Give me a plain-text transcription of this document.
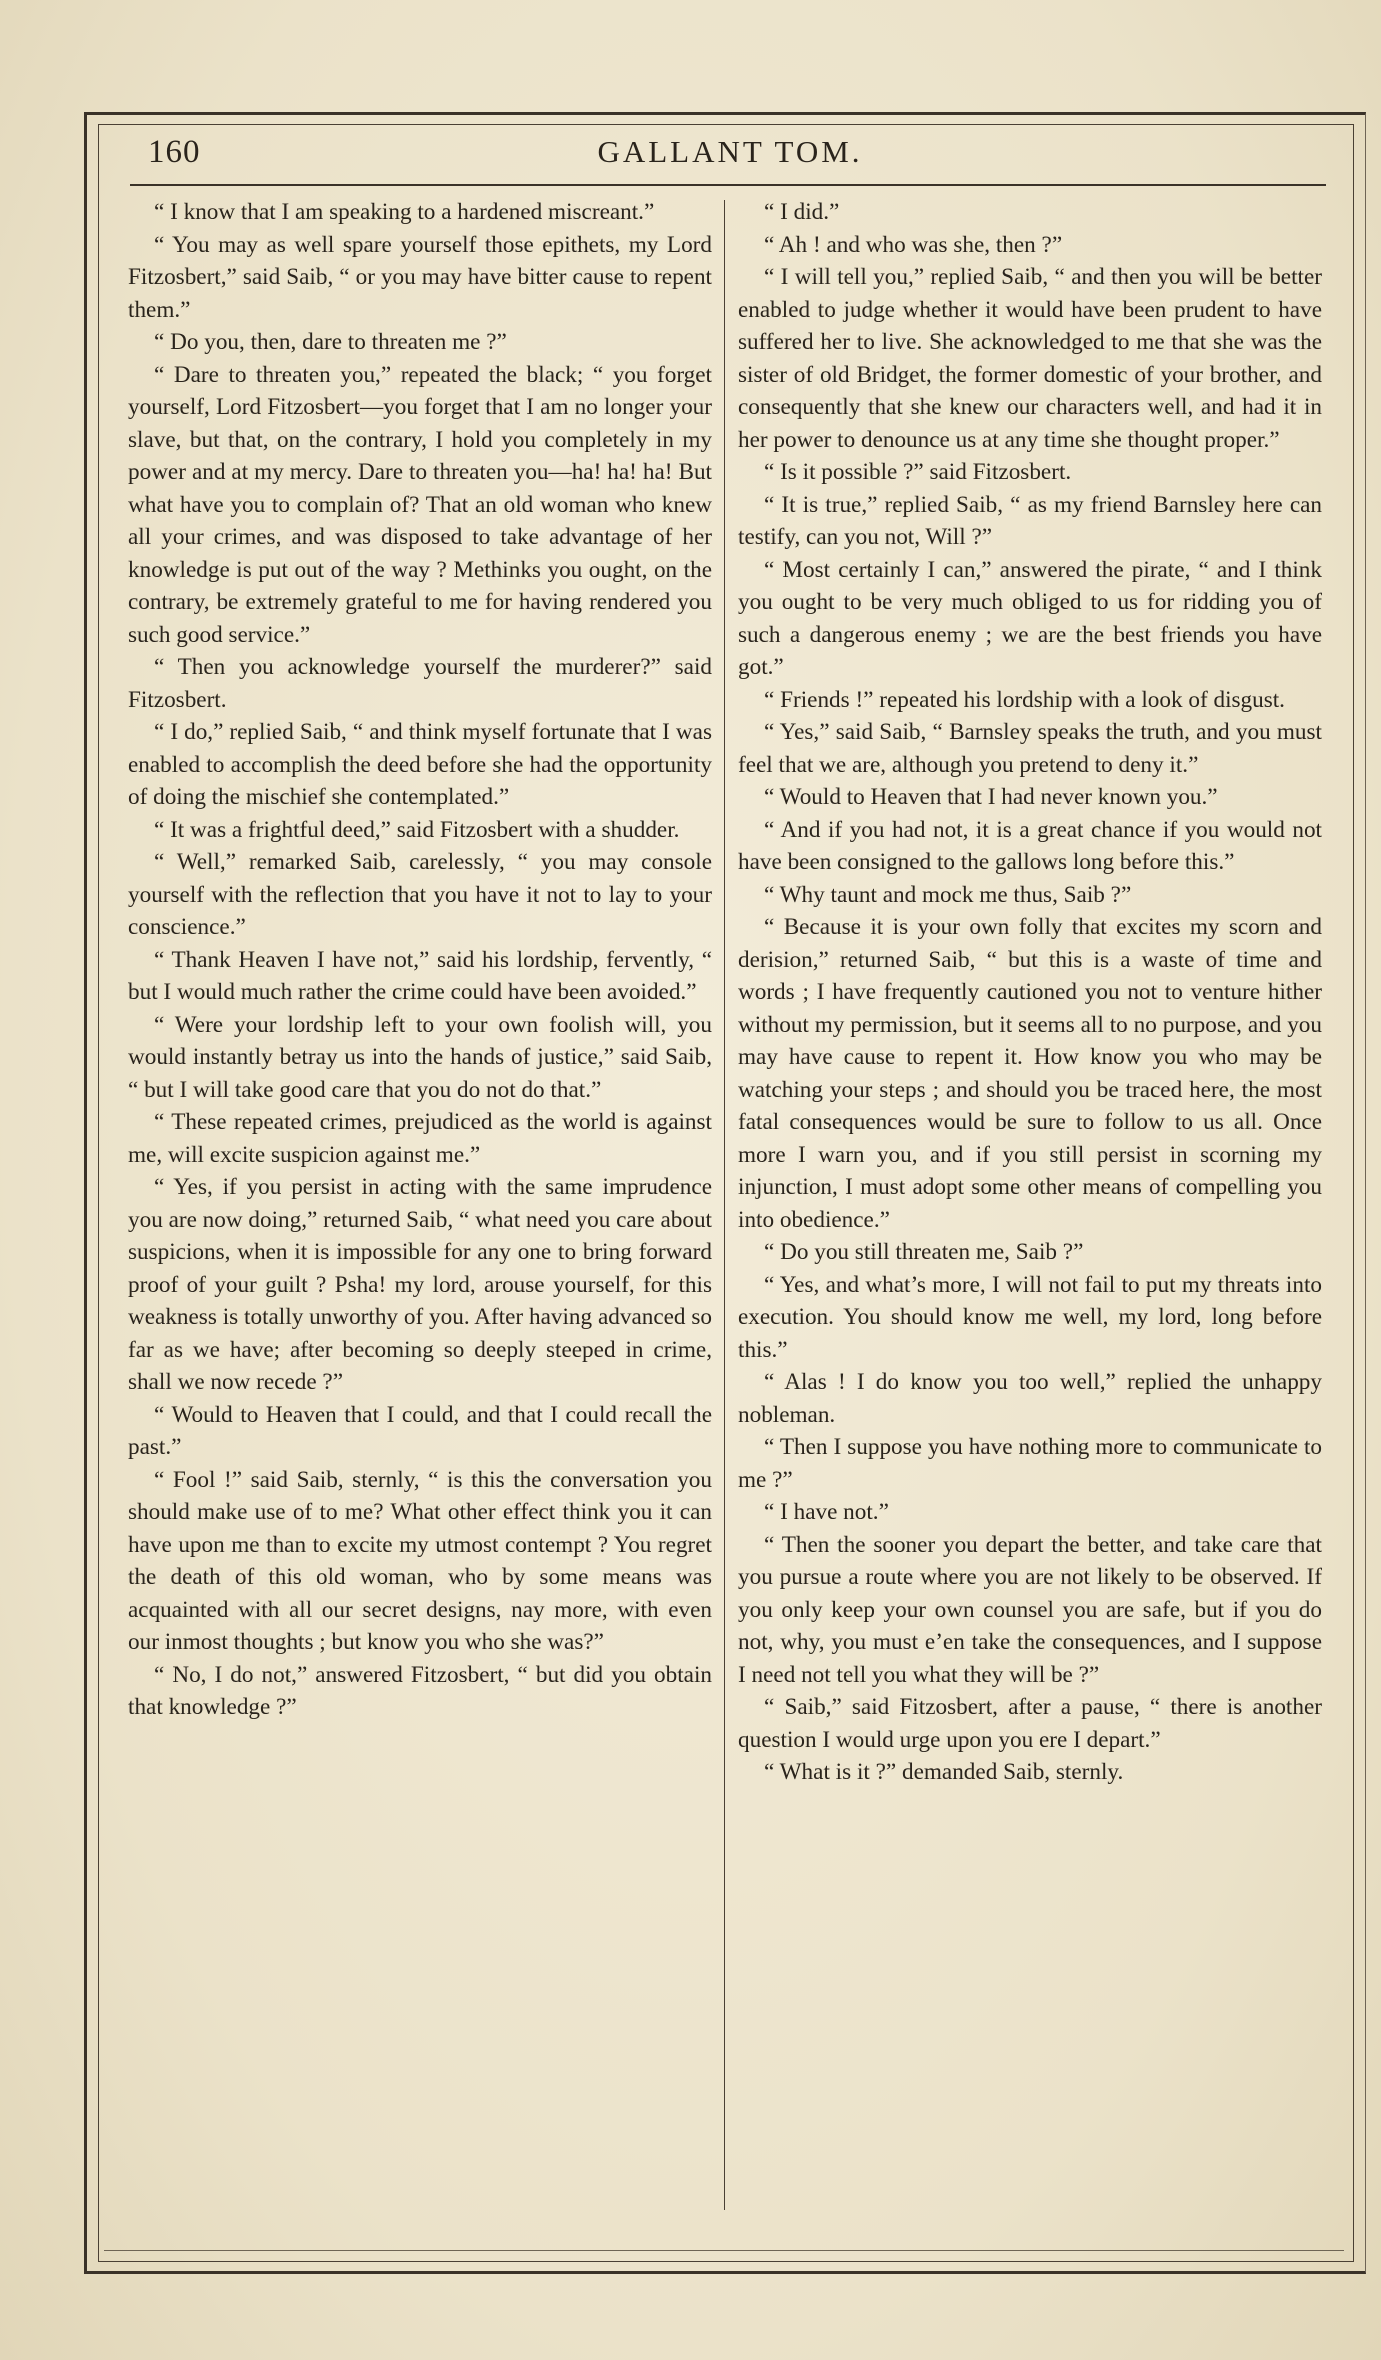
160	GALLANT TOM.

“ I know that I am speaking to a hardened miscreant.”

“ You may as well spare yourself those epithets, my Lord Fitzosbert,” said Saib, “ or you may have bitter cause to repent them.”

“ Do you, then, dare to threaten me ?”

“ Dare to threaten you,” repeated the black; “ you forget yourself, Lord Fitzosbert—you forget that I am no longer your slave, but that, on the contrary, I hold you completely in my power and at my mercy. Dare to threaten you—ha! ha! ha! But what have you to complain of? That an old woman who knew all your crimes, and was disposed to take advantage of her knowledge is put out of the way ? Methinks you ought, on the contrary, be extremely grateful to me for having rendered you such good service.”

“ Then you acknowledge yourself the murderer?” said Fitzosbert.

“ I do,” replied Saib, “ and think myself fortunate that I was enabled to accomplish the deed before she had the opportunity of doing the mischief she contemplated.”

“ It was a frightful deed,” said Fitzosbert with a shudder.

“ Well,” remarked Saib, carelessly, “ you may console yourself with the reflection that you have it not to lay to your conscience.”

“ Thank Heaven I have not,” said his lordship, fervently, “ but I would much rather the crime could have been avoided.”

“ Were your lordship left to your own foolish will, you would instantly betray us into the hands of justice,” said Saib, “ but I will take good care that you do not do that.”

“ These repeated crimes, prejudiced as the world is against me, will excite suspicion against me.”

“ Yes, if you persist in acting with the same imprudence you are now doing,” returned Saib, “ what need you care about suspicions, when it is impossible for any one to bring forward proof of your guilt ? Psha! my lord, arouse yourself, for this weakness is totally unworthy of you. After having advanced so far as we have; after becoming so deeply steeped in crime, shall we now recede ?”

“ Would to Heaven that I could, and that I could recall the past.”

“ Fool !” said Saib, sternly, “ is this the conversation you should make use of to me? What other effect think you it can have upon me than to excite my utmost contempt ? You regret the death of this old woman, who by some means was acquainted with all our secret designs, nay more, with even our inmost thoughts ; but know you who she was?”

“ No, I do not,” answered Fitzosbert, “ but did you obtain that knowledge ?”

“ I did.”

“ Ah ! and who was she, then ?”

“ I will tell you,” replied Saib, “ and then you will be better enabled to judge whether it would have been prudent to have suffered her to live. She acknowledged to me that she was the sister of old Bridget, the former domestic of your brother, and consequently that she knew our characters well, and had it in her power to denounce us at any time she thought proper.”

“ Is it possible ?” said Fitzosbert.

“ It is true,” replied Saib, “ as my friend Barnsley here can testify, can you not, Will ?”

“ Most certainly I can,” answered the pirate, “ and I think you ought to be very much obliged to us for ridding you of such a dangerous enemy ; we are the best friends you have got.”

“ Friends !” repeated his lordship with a look of disgust.

“ Yes,” said Saib, “ Barnsley speaks the truth, and you must feel that we are, although you pretend to deny it.”

“ Would to Heaven that I had never known you.”

“ And if you had not, it is a great chance if you would not have been consigned to the gallows long before this.”

“ Why taunt and mock me thus, Saib ?”

“ Because it is your own folly that excites my scorn and derision,” returned Saib, “ but this is a waste of time and words ; I have frequently cautioned you not to venture hither without my permission, but it seems all to no purpose, and you may have cause to repent it. How know you who may be watching your steps ; and should you be traced here, the most fatal consequences would be sure to follow to us all. Once more I warn you, and if you still persist in scorning my injunction, I must adopt some other means of compelling you into obedience.”

“ Do you still threaten me, Saib ?”

“ Yes, and what’s more, I will not fail to put my threats into execution. You should know me well, my lord, long before this.”

“ Alas ! I do know you too well,” replied the unhappy nobleman.

“ Then I suppose you have nothing more to communicate to me ?”

“ I have not.”

“ Then the sooner you depart the better, and take care that you pursue a route where you are not likely to be observed. If you only keep your own counsel you are safe, but if you do not, why, you must e’en take the consequences, and I suppose I need not tell you what they will be ?”

“ Saib,” said Fitzosbert, after a pause, “ there is another question I would urge upon you ere I depart.”

“ What is it ?” demanded Saib, sternly.
